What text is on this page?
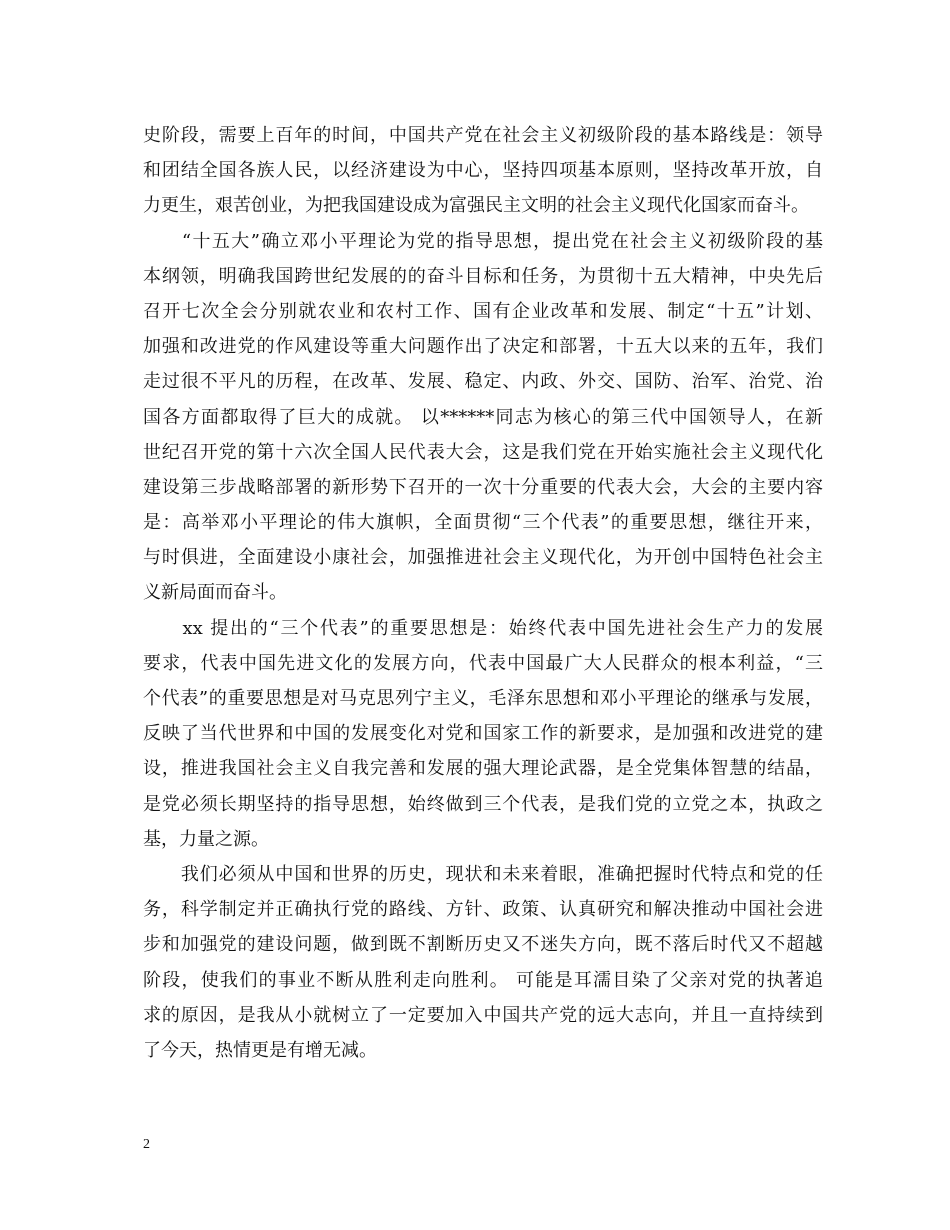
史阶段，需要上百年的时间，中国共产党在社会主义初级阶段的基本路线是：领导
和团结全国各族人民，以经济建设为中心，坚持四项基本原则，坚持改革开放，自
力更生，艰苦创业，为把我国建设成为富强民主文明的社会主义现代化国家而奋斗。

　　“十五大”确立邓小平理论为党的指导思想，提出党在社会主义初级阶段的基
本纲领，明确我国跨世纪发展的的奋斗目标和任务，为贯彻十五大精神，中央先后
召开七次全会分别就农业和农村工作、国有企业改革和发展、制定“十五”计划、
加强和改进党的作风建设等重大问题作出了决定和部署，十五大以来的五年，我们
走过很不平凡的历程，在改革、发展、稳定、内政、外交、国防、治军、治党、治
国各方面都取得了巨大的成就。 以******同志为核心的第三代中国领导人，在新
世纪召开党的第十六次全国人民代表大会，这是我们党在开始实施社会主义现代化
建设第三步战略部署的新形势下召开的一次十分重要的代表大会，大会的主要内容
是：高举邓小平理论的伟大旗帜，全面贯彻“三个代表”的重要思想，继往开来，
与时俱进，全面建设小康社会，加强推进社会主义现代化，为开创中国特色社会主
义新局面而奋斗。

　　xx 提出的“三个代表”的重要思想是：始终代表中国先进社会生产力的发展
要求，代表中国先进文化的发展方向，代表中国最广大人民群众的根本利益，“三
个代表”的重要思想是对马克思列宁主义，毛泽东思想和邓小平理论的继承与发展，
反映了当代世界和中国的发展变化对党和国家工作的新要求，是加强和改进党的建
设，推进我国社会主义自我完善和发展的强大理论武器，是全党集体智慧的结晶，
是党必须长期坚持的指导思想，始终做到三个代表，是我们党的立党之本，执政之
基，力量之源。

　　我们必须从中国和世界的历史，现状和未来着眼，准确把握时代特点和党的任
务，科学制定并正确执行党的路线、方针、政策、认真研究和解决推动中国社会进
步和加强党的建设问题，做到既不割断历史又不迷失方向，既不落后时代又不超越
阶段，使我们的事业不断从胜利走向胜利。 可能是耳濡目染了父亲对党的执著追
求的原因，是我从小就树立了一定要加入中国共产党的远大志向，并且一直持续到
了今天，热情更是有增无减。

2
